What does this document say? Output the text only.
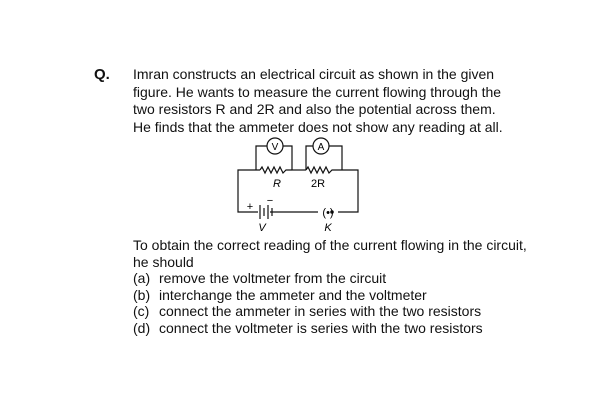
Q. Imran constructs an electrical circuit as shown in the given
figure. He wants to measure the current flowing through the
two resistors R and 2R and also the potential across them.
He finds that the ammeter does not show any reading at all.
V	A
R	2R
+ −
V
(•)
K
To obtain the correct reading of the current flowing in the circuit,
he should
(a) remove the voltmeter from the circuit
(b) interchange the ammeter and the voltmeter
(c) connect the ammeter in series with the two resistors
(d) connect the voltmeter is series with the two resistors
